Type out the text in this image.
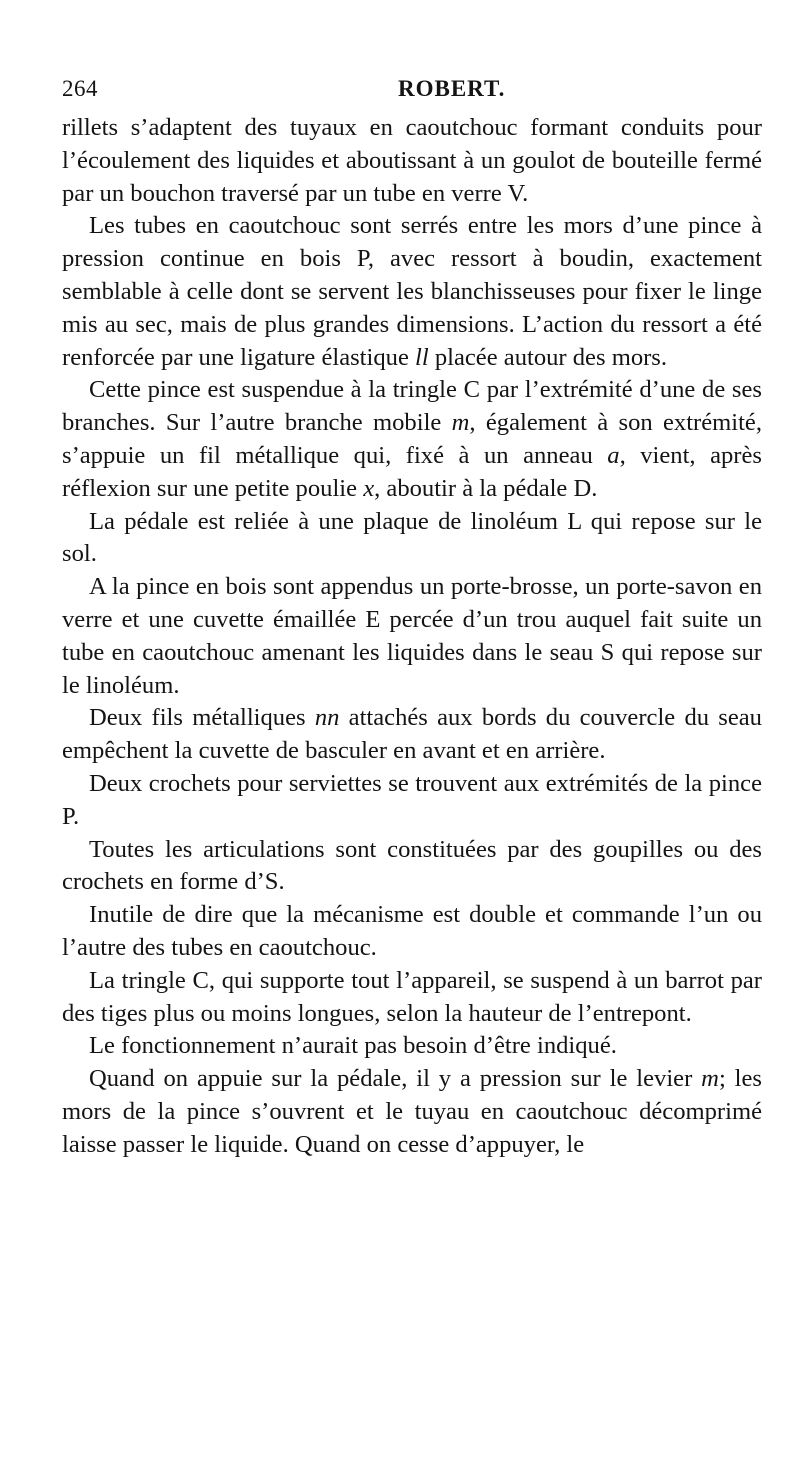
264	ROBERT.

rillets s’adaptent des tuyaux en caoutchouc formant conduits pour l’écoulement des liquides et aboutissant à un goulot de bouteille fermé par un bouchon traversé par un tube en verre V.

Les tubes en caoutchouc sont serrés entre les mors d’une pince à pression continue en bois P, avec ressort à boudin, exactement semblable à celle dont se servent les blanchisseuses pour fixer le linge mis au sec, mais de plus grandes dimensions. L’action du ressort a été renforcée par une ligature élastique ll placée autour des mors.

Cette pince est suspendue à la tringle C par l’extrémité d’une de ses branches. Sur l’autre branche mobile m, également à son extrémité, s’appuie un fil métallique qui, fixé à un anneau a, vient, après réflexion sur une petite poulie x, aboutir à la pédale D.

La pédale est reliée à une plaque de linoléum L qui repose sur le sol.

A la pince en bois sont appendus un porte-brosse, un porte-savon en verre et une cuvette émaillée E percée d’un trou auquel fait suite un tube en caoutchouc amenant les liquides dans le seau S qui repose sur le linoléum.

Deux fils métalliques nn attachés aux bords du couvercle du seau empêchent la cuvette de basculer en avant et en arrière.

Deux crochets pour serviettes se trouvent aux extrémités de la pince P.

Toutes les articulations sont constituées par des goupilles ou des crochets en forme d’S.

Inutile de dire que la mécanisme est double et commande l’un ou l’autre des tubes en caoutchouc.

La tringle C, qui supporte tout l’appareil, se suspend à un barrot par des tiges plus ou moins longues, selon la hauteur de l’entrepont.

Le fonctionnement n’aurait pas besoin d’être indiqué.

Quand on appuie sur la pédale, il y a pression sur le levier m; les mors de la pince s’ouvrent et le tuyau en caoutchouc décomprimé laisse passer le liquide. Quand on cesse d’appuyer, le
